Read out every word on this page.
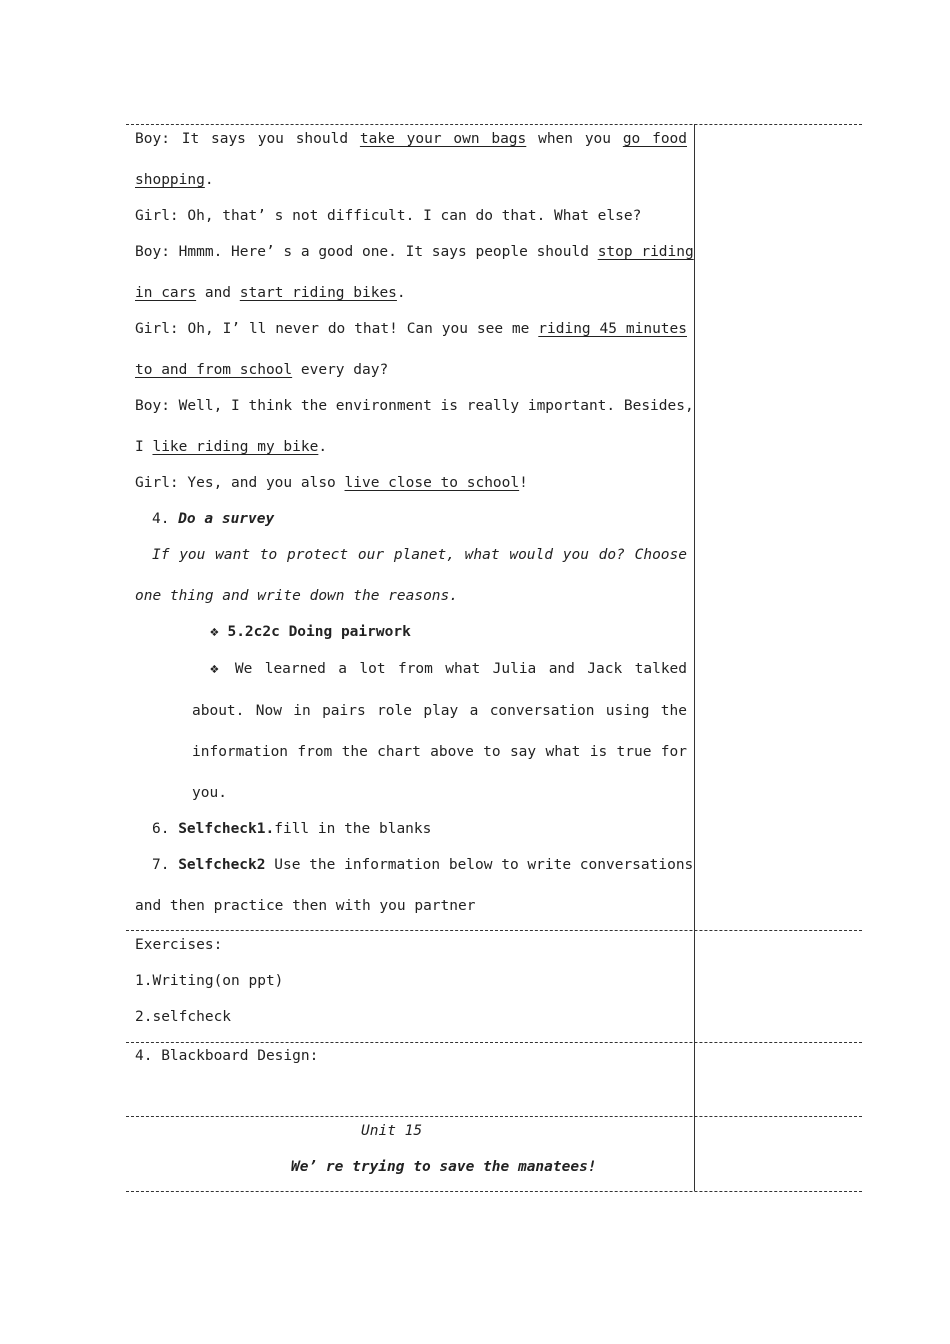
Boy: It says you should take your own bags when you go food
shopping.
Girl: Oh, that’ s not difficult. I can do that. What else?
Boy: Hmmm. Here’ s a good one. It says people should stop riding
in cars and start riding bikes.
Girl: Oh, I’ ll never do that! Can you see me riding 45 minutes
to and from school every day?
Boy: Well, I think the environment is really important. Besides,
I like riding my bike.
Girl: Yes, and you also live close to school!
4. Do a survey
If you want to protect our planet, what would you do? Choose
one thing and write down the reasons.
❖ 5.2c2c Doing pairwork
❖ We learned a lot from what Julia and Jack talked
about. Now in pairs role play a conversation using the
information from the chart above to say what is true for
you.
6. Selfcheck1.fill in the blanks
7. Selfcheck2 Use the information below to write conversations
and then practice then with you partner
Exercises:
1.Writing(on ppt)
2.selfcheck
4. Blackboard Design:
Unit 15
We’ re trying to save the manatees!
